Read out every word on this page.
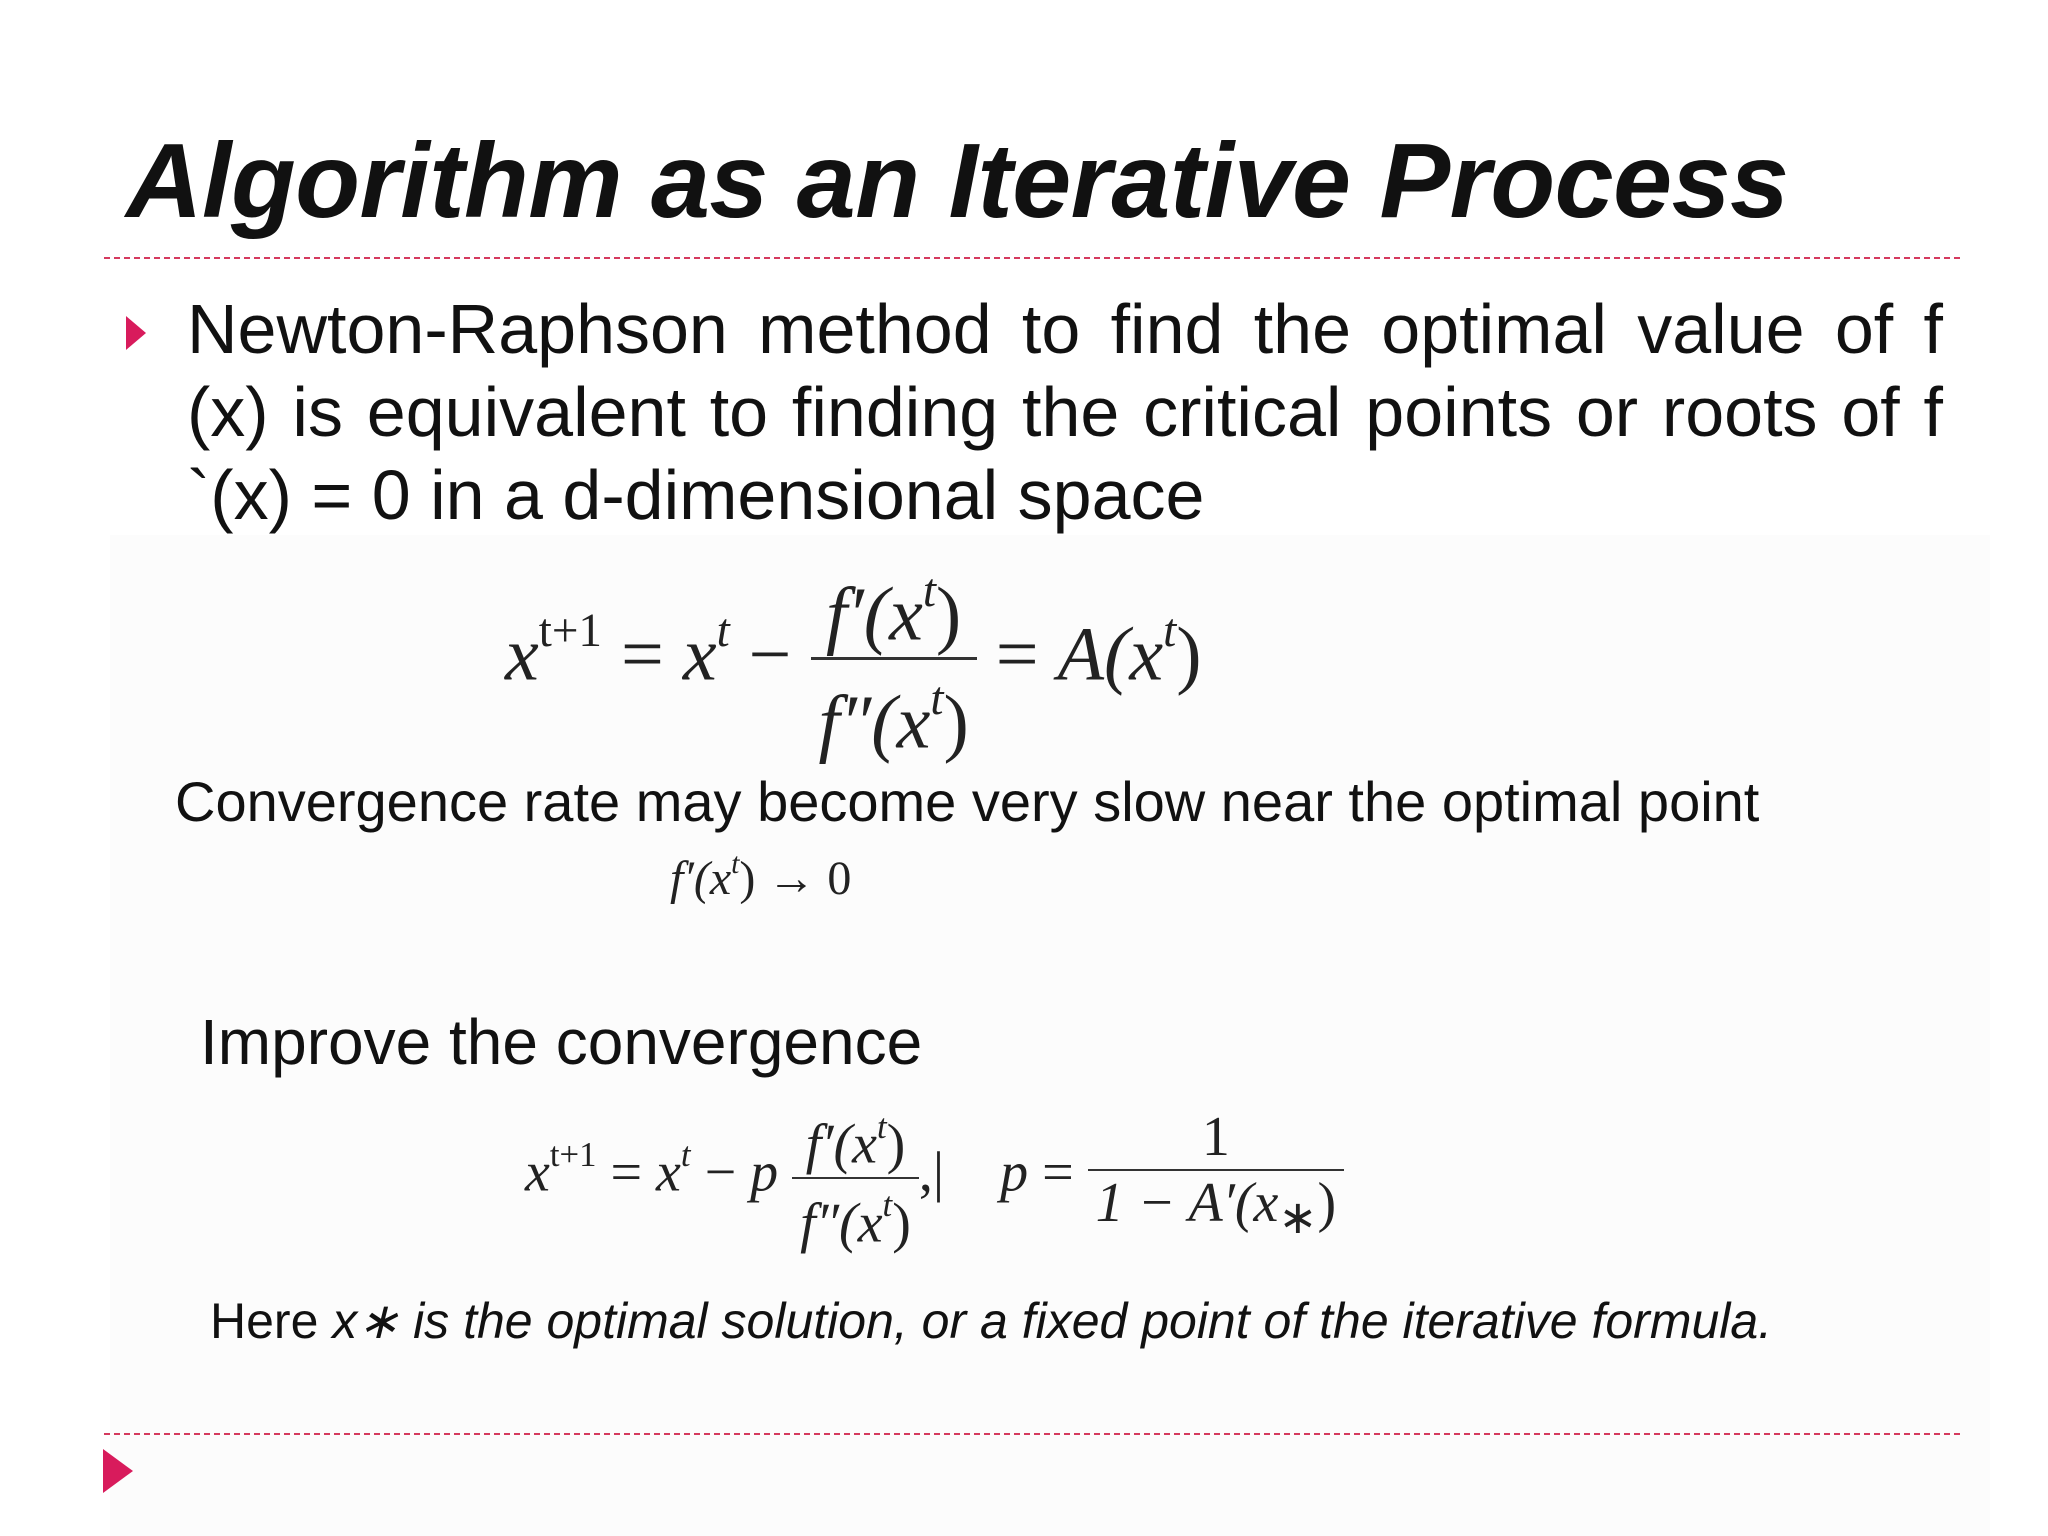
Algorithm as an Iterative Process
Newton-Raphson method to find the optimal value of f (x) is equivalent to finding the critical points or roots of f `(x) = 0 in a d-dimensional space
$x^{t+1} = x^t - \frac{f'(x^t)}{f''(x^t)} = A(x^t)$
Convergence rate may become very slow near the optimal point
$f'(x^t) \to 0$
Improve the convergence
$x^{t+1} = x^t - p \frac{f'(x^t)}{f''(x^t)}$ ,| $p = \frac{1}{1 - A'(x_∗)}$
Here x∗ is the optimal solution, or a fixed point of the iterative formula.
